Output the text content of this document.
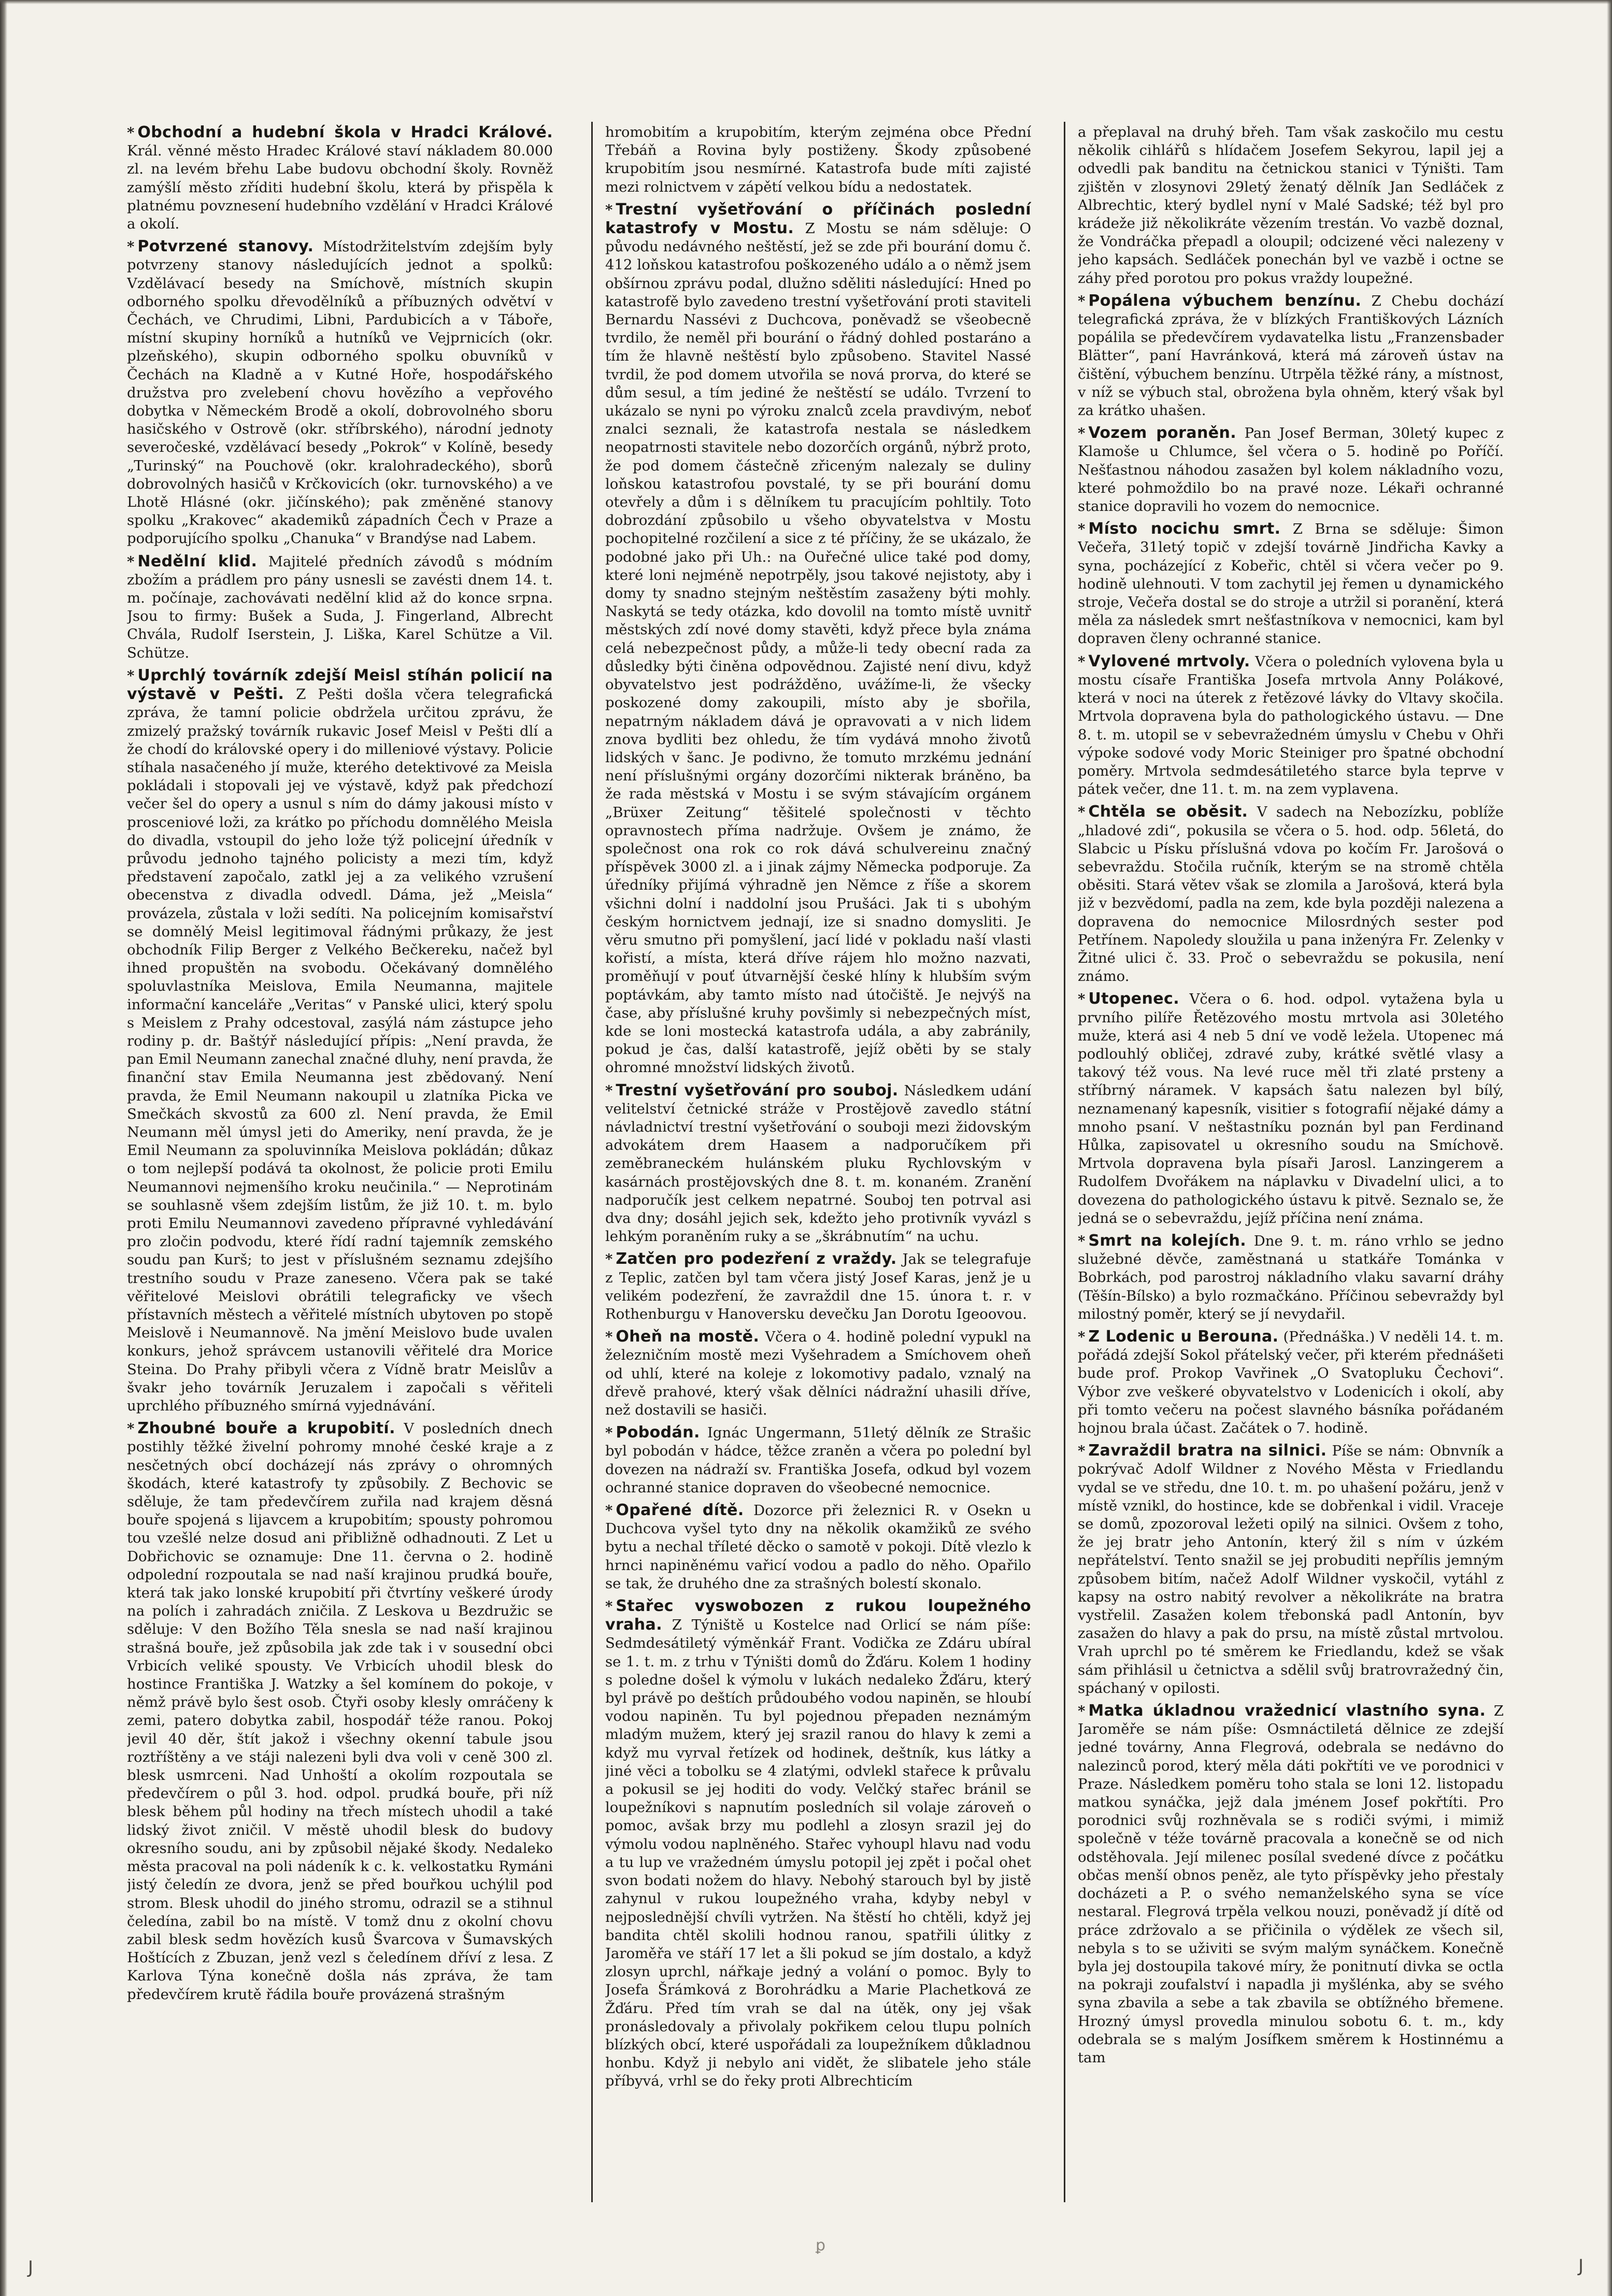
* Obchodní a hudební škola v Hradci Králové. Král. věnné město Hradec Králové staví nákladem 80.000 zl. na levém břehu Labe budovu obchodní školy. Rovněž zamýšlí město zříditi hudební školu, která by přispěla k platnému povznesení hudebního vzdělání v Hradci Králové a okolí.

* Potvrzené stanovy. Místodržitelstvím zdejším byly potvrzeny stanovy následujících jednot a spolků: Vzdělávací besedy na Smíchově, místních skupin odborného spolku dřevodělníků a příbuzných odvětví v Čechách, ve Chrudimi, Libni, Pardubicích a v Táboře, místní skupiny horníků a hutníků ve Vejprnicích (okr. plzeňského), skupin odborného spolku obuvníků v Čechách na Kladně a v Kutné Hoře, hospodářského družstva pro zvelebení chovu hovězího a vepřového dobytka v Německém Brodě a okolí, dobrovolného sboru hasičského v Ostrově (okr. stříbrského), národní jednoty severočeské, vzdělávací besedy „Pokrok“ v Kolíně, besedy „Turinský“ na Pouchově (okr. kralohradeckého), sborů dobrovolných hasičů v Krčkovicích (okr. turnovského) a ve Lhotě Hlásné (okr. jičínského); pak změněné stanovy spolku „Krakovec“ akademiků západních Čech v Praze a podporujícího spolku „Chanuka“ v Brandýse nad Labem.

* Nedělní klid. Majitelé předních závodů s módním zbožím a prádlem pro pány usnesli se zavésti dnem 14. t. m. počínaje, zachovávati nedělní klid až do konce srpna. Jsou to firmy: Bušek a Suda, J. Fingerland, Albrecht Chvála, Rudolf Iserstein, J. Liška, Karel Schütze a Vil. Schütze.

* Uprchlý továrník zdejší Meisl stíhán policií na výstavě v Pešti. Z Pešti došla včera telegrafická zpráva, že tamní policie obdržela určitou zprávu, že zmizelý pražský továrník rukavic Josef Meisl v Pešti dlí a že chodí do královské opery i do milleniové výstavy. Policie stíhala nasačeného jí muže, kterého detektivové za Meisla pokládali i stopovali jej ve výstavě, když pak předchozí večer šel do opery a usnul s ním do dámy jakousi místo v prosceniové loži, za krátko po příchodu domnělého Meisla do divadla, vstoupil do jeho lože týž policejní úředník v průvodu jednoho tajného policisty a mezi tím, když představení započalo, zatkl jej a za velikého vzrušení obecenstva z divadla odvedl. Dáma, jež „Meisla“ provázela, zůstala v loži sedíti. Na policejním komisařství se domnělý Meisl legitimoval řádnými průkazy, že jest obchodník Filip Berger z Velkého Bečkereku, načež byl ihned propuštěn na svobodu. Očekávaný domnělého spoluvlastníka Meislova, Emila Neumanna, majitele informační kanceláře „Veritas“ v Panské ulici, který spolu s Meislem z Prahy odcestoval, zasýlá nám zástupce jeho rodiny p. dr. Baštýř následující přípis: „Není pravda, že pan Emil Neumann zanechal značné dluhy, není pravda, že finanční stav Emila Neumanna jest zbědovaný. Není pravda, že Emil Neumann nakoupil u zlatníka Picka ve Smečkách skvostů za 600 zl. Není pravda, že Emil Neumann měl úmysl jeti do Ameriky, není pravda, že je Emil Neumann za spoluvinníka Meislova pokládán; důkaz o tom nejlepší podává ta okolnost, že policie proti Emilu Neumannovi nejmenšího kroku neučinila.“ — Neprotinám se souhlasně všem zdejším listům, že již 10. t. m. bylo proti Emilu Neumannovi zavedeno přípravné vyhledávání pro zločin podvodu, které řídí radní tajemník zemského soudu pan Kurš; to jest v příslušném seznamu zdejšího trestního soudu v Praze zaneseno. Včera pak se také věřitelové Meislovi obrátili telegraficky ve všech přístavních městech a věřitelé místních ubytoven po stopě Meislově i Neumannově. Na jmění Meislovo bude uvalen konkurs, jehož správcem ustanovili věřitelé dra Morice Steina. Do Prahy přibyli včera z Vídně bratr Meislův a švakr jeho továrník Jeruzalem i započali s věřiteli uprchlého příbuzného smírná vyjednávání.

* Zhoubné bouře a krupobití. V posledních dnech postihly těžké živelní pohromy mnohé české kraje a z nesčetných obcí docházejí nás zprávy o ohromných škodách, které katastrofy ty způsobily. Z Bechovic se sděluje, že tam předevčírem zuřila nad krajem děsná bouře spojená s lijavcem a krupobitím; spousty pohromou tou vzešlé nelze dosud ani přibližně odhadnouti. Z Let u Dobřichovic se oznamuje: Dne 11. června o 2. hodině odpolední rozpoutala se nad naší krajinou prudká bouře, která tak jako lonské krupobití při čtvrtíny veškeré úrody na polích i zahradách zničila. Z Leskova u Bezdružic se sděluje: V den Božího Těla snesla se nad naší krajinou strašná bouře, jež způsobila jak zde tak i v sousední obci Vrbicích veliké spousty. Ve Vrbicích uhodil blesk do hostince Františka J. Watzky a šel komínem do pokoje, v němž právě bylo šest osob. Čtyři osoby klesly omráčeny k zemi, patero dobytka zabil, hospodář téže ranou. Pokoj jevil 40 děr, štít jakož i všechny okenní tabule jsou roztříštěny a ve stáji nalezeni byli dva voli v ceně 300 zl. blesk usmrceni. Nad Unhoští a okolím rozpoutala se předevčírem o půl 3. hod. odpol. prudká bouře, při níž blesk během půl hodiny na třech místech uhodil a také lidský život zničil. V městě uhodil blesk do budovy okresního soudu, ani by způsobil nějaké škody. Nedaleko města pracoval na poli nádeník k c. k. velkostatku Rymáni jistý čeledín ze dvora, jenž se před bouřkou uchýlil pod strom. Blesk uhodil do jiného stromu, odrazil se a stihnul čeledína, zabil bo na místě. V tomž dnu z okolní chovu zabil blesk sedm hovězích kusů Švarcova v Šumavských Hoštících z Zbuzan, jenž vezl s čeledínem dříví z lesa. Z Karlova Týna konečně došla nás zpráva, že tam předevčírem krutě řádila bouře provázená strašným

hromobitím a krupobitím, kterým zejména obce Přední Třebáň a Rovina byly postiženy. Škody způsobené krupobitím jsou nesmírné. Katastrofa bude míti zajisté mezi rolnictvem v zápětí velkou bídu a nedostatek.

* Trestní vyšetřování o příčinách poslední katastrofy v Mostu. Z Mostu se nám sděluje: O původu nedávného neštěstí, jež se zde při bourání domu č. 412 loňskou katastrofou poškozeného událo a o němž jsem obšírnou zprávu podal, dlužno sděliti následující: Hned po katastrofě bylo zavedeno trestní vyšetřování proti staviteli Bernardu Nassévi z Duchcova, poněvadž se všeobecně tvrdilo, že neměl při bourání o řádný dohled postaráno a tím že hlavně neštěstí bylo způsobeno. Stavitel Nassé tvrdil, že pod domem utvořila se nová prorva, do které se dům sesul, a tím jediné že neštěstí se událo. Tvrzení to ukázalo se nyni po výroku znalců zcela pravdivým, neboť znalci seznali, že katastrofa nestala se následkem neopatrnosti stavitele nebo dozorčích orgánů, nýbrž proto, že pod domem částečně zřiceným nalezaly se duliny loňskou katastrofou povstalé, ty se při bourání domu otevřely a dům i s dělníkem tu pracujícím pohltily. Toto dobrozdání způsobilo u všeho obyvatelstva v Mostu pochopitelné rozčilení a sice z té příčiny, že se ukázalo, že podobné jako při Uh.: na Ouřečné ulice také pod domy, které loni nejméně nepotrpěly, jsou takové nejistoty, aby i domy ty snadno stejným neštěstím zasaženy býti mohly. Naskytá se tedy otázka, kdo dovolil na tomto místě uvnitř městských zdí nové domy stavěti, když přece byla známa celá nebezpečnost půdy, a může-li tedy obecní rada za důsledky býti činěna odpovědnou. Zajisté není divu, když obyvatelstvo jest podrážděno, uvážíme-li, že všecky poskozené domy zakoupili, místo aby je sbořila, nepatrným nákladem dává je opravovati a v nich lidem znova bydliti bez ohledu, že tím vydává mnoho životů lidských v šanc. Je podivno, že tomuto mrzkému jednání není příslušnými orgány dozorčími nikterak bráněno, ba že rada městská v Mostu i se svým stávajícím orgánem „Brüxer Zeitung“ těšitelé společnosti v těchto opravnostech příma nadržuje. Ovšem je známo, že společnost ona rok co rok dává schulvereinu značný příspěvek 3000 zl. a i jinak zájmy Německa podporuje. Za úředníky přijímá výhradně jen Němce z říše a skorem všichni dolní i naddolní jsou Prušáci. Jak ti s ubohým českým hornictvem jednají, ize si snadno domysliti. Je věru smutno při pomyšlení, jací lidé v pokladu naší vlasti kořistí, a místa, která dříve rájem hlo možno nazvati, proměňují v pouť útvarnější české hlíny k hlubším svým poptávkám, aby tamto místo nad útočiště. Je nejvýš na čase, aby příslušné kruhy povšimly si nebezpečných míst, kde se loni mostecká katastrofa udála, a aby zabránily, pokud je čas, další katastrofě, jejíž oběti by se staly ohromné množství lidských životů.

* Trestní vyšetřování pro souboj. Následkem udání velitelství četnické stráže v Prostějově zavedlo státní návladnictví trestní vyšetřování o souboji mezi židovským advokátem drem Haasem a nadporučíkem při zeměbraneckém hulánském pluku Rychlovským v kasárnách prostějovských dne 8. t. m. konaném. Zranění nadporučík jest celkem nepatrné. Souboj ten potrval asi dva dny; dosáhl jejich sek, kdežto jeho protivník vyvázl s lehkým poraněním ruky a se „škrábnutím“ na uchu.

* Zatčen pro podezření z vraždy. Jak se telegrafuje z Teplic, zatčen byl tam včera jistý Josef Karas, jenž je u velikém podezření, že zavraždil dne 15. února t. r. v Rothenburgu v Hanoversku devečku Jan Dorotu Igeoovou.

* Oheň na mostě. Včera o 4. hodině polední vypukl na železničním mostě mezi Vyšehradem a Smíchovem oheň od uhlí, které na koleje z lokomotivy padalo, vznalý na dřevě prahové, který však dělníci nádražní uhasili dříve, než dostavili se hasiči.

* Pobodán. Ignác Ungermann, 51letý dělník ze Strašic byl pobodán v hádce, těžce zraněn a včera po polední byl dovezen na nádraží sv. Františka Josefa, odkud byl vozem ochranné stanice dopraven do všeobecné nemocnice.

* Opařené dítě. Dozorce při železnici R. v Osekn u Duchcova vyšel tyto dny na několik okamžiků ze svého bytu a nechal tříleté děcko o samotě v pokoji. Dítě vlezlo k hrnci napiněnému vařicí vodou a padlo do něho. Opařilo se tak, že druhého dne za strašných bolestí skonalo.

* Stařec vyswobozen z rukou loupežného vraha. Z Týniště u Kostelce nad Orlicí se nám píše: Sedmdesátiletý výměnkář Frant. Vodička ze Zdáru ubíral se 1. t. m. z trhu v Týništi domů do Žďáru. Kolem 1 hodiny s poledne došel k výmolu v lukách nedaleko Žďáru, který byl právě po deštích průdoubého vodou napiněn, se hloubí vodou napiněn. Tu byl pojednou přepaden neznámým mladým mužem, který jej srazil ranou do hlavy k zemi a když mu vyrval řetízek od hodinek, deštník, kus látky a jiné věci a tobolku se 4 zlatými, odvlekl stařece k průvalu a pokusil se jej hoditi do vody. Velčký stařec bránil se loupežníkovi s napnutím posledních sil volaje zároveň o pomoc, avšak brzy mu podlehl a zlosyn srazil jej do výmolu vodou naplněného. Stařec vyhoupl hlavu nad vodu a tu lup ve vražedném úmyslu potopil jej zpět i počal ohet svon bodati nožem do hlavy. Nebohý starouch byl by jistě zahynul v rukou loupežného vraha, kdyby nebyl v nejposlednější chvíli vytržen. Na štěstí ho chtěli, když jej bandita chtěl skolili hodnou ranou, spatřili úlitky z Jaroměřa ve stáří 17 let a šli pokud se jím dostalo, a když zlosyn uprchl, nářkaje jedný a volání o pomoc. Byly to Josefa Šrámková z Borohrádku a Marie Plachetková ze Žďáru. Před tím vrah se dal na útěk, ony jej však pronásledovaly a přivolaly pokřikem celou tlupu polních blízkých obcí, které uspořádali za loupežníkem důkladnou honbu. Když ji nebylo ani vidět, že slibatele jeho stále příbyvá, vrhl se do řeky proti Albrechticím

a přeplaval na druhý břeh. Tam však zaskočilo mu cestu několik cihlářů s hlídačem Josefem Sekyrou, lapil jej a odvedli pak banditu na četnickou stanici v Týništi. Tam zjištěn v zlosynovi 29letý ženatý dělník Jan Sedláček z Albrechtic, který bydlel nyní v Malé Sadské; též byl pro krádeže již několikráte vězením trestán. Vo vazbě doznal, že Vondráčka přepadl a oloupil; odcizené věci nalezeny v jeho kapsách. Sedláček ponechán byl ve vazbě i octne se záhy před porotou pro pokus vraždy loupežné.

* Popálena výbuchem benzínu. Z Chebu dochází telegrafická zpráva, že v blízkých Františkových Lázních popálila se předevčírem vydavatelka listu „Franzensbader Blätter“, paní Havránková, která má zároveň ústav na čištění, výbuchem benzínu. Utrpěla těžké rány, a místnost, v níž se výbuch stal, obrožena byla ohněm, který však byl za krátko uhašen.

* Vozem poraněn. Pan Josef Berman, 30letý kupec z Klamoše u Chlumce, šel včera o 5. hodině po Poříčí. Nešťastnou náhodou zasažen byl kolem nákladního vozu, které pohmoždilo bo na pravé noze. Lékaři ochranné stanice dopravili ho vozem do nemocnice.

* Místo nocichu smrt. Z Brna se sděluje: Šimon Večeřa, 31letý topič v zdejší továrně Jindřicha Kavky a syna, pocházející z Kobeřic, chtěl si včera večer po 9. hodině ulehnouti. V tom zachytil jej řemen u dynamického stroje, Večeřa dostal se do stroje a utržil si poranění, která měla za následek smrt nešťastníkova v nemocnici, kam byl dopraven členy ochranné stanice.

* Vylovené mrtvoly. Včera o poledních vylovena byla u mostu císaře Františka Josefa mrtvola Anny Polákové, která v noci na úterek z řetězové lávky do Vltavy skočila. Mrtvola dopravena byla do pathologického ústavu. — Dne 8. t. m. utopil se v sebevražedném úmyslu v Chebu v Ohři výpoke sodové vody Moric Steiniger pro špatné obchodní poměry. Mrtvola sedmdesátiletého starce byla teprve v pátek večer, dne 11. t. m. na zem vyplavena.

* Chtěla se oběsit. V sadech na Nebozízku, poblíže „hladové zdi“, pokusila se včera o 5. hod. odp. 56letá, do Slabcic u Písku příslušná vdova po kočím Fr. Jarošová o sebevraždu. Stočila ručník, kterým se na stromě chtěla oběsiti. Stará větev však se zlomila a Jarošová, která byla již v bezvědomí, padla na zem, kde byla později nalezena a dopravena do nemocnice Milosrdných sester pod Petřínem. Napoledy sloužila u pana inženýra Fr. Zelenky v Žitné ulici č. 33. Proč o sebevraždu se pokusila, není známo.

* Utopenec. Včera o 6. hod. odpol. vytažena byla u prvního pilíře Řetězového mostu mrtvola asi 30letého muže, která asi 4 neb 5 dní ve vodě ležela. Utopenec má podlouhlý obličej, zdravé zuby, krátké světlé vlasy a takový též vous. Na levé ruce měl tři zlaté prsteny a stříbrný náramek. V kapsách šatu nalezen byl bílý, neznamenaný kapesník, visitier s fotografií nějaké dámy a mnoho psaní. V neštastníku poznán byl pan Ferdinand Hůlka, zapisovatel u okresního soudu na Smíchově. Mrtvola dopravena byla písaři Jarosl. Lanzingerem a Rudolfem Dvořákem na náplavku v Divadelní ulici, a to dovezena do pathologického ústavu k pitvě. Seznalo se, že jedná se o sebevraždu, jejíž příčina není známa.

* Smrt na kolejích. Dne 9. t. m. ráno vrhlo se jedno služebné děvče, zaměstnaná u statkáře Tománka v Bobrkách, pod parostroj nákladního vlaku savarní dráhy (Těšín-Bílsko) a bylo rozmačkáno. Příčinou sebevraždy byl milostný poměr, který se jí nevydařil.

* Z Lodenic u Berouna. (Přednáška.) V neděli 14. t. m. pořádá zdejší Sokol přátelský večer, při kterém přednášeti bude prof. Prokop Vavřinek „O Svatopluku Čechovi“. Výbor zve veškeré obyvatelstvo v Lodenicích i okolí, aby při tomto večeru na počest slavného básníka pořádaném hojnou brala účast. Začátek o 7. hodině.

* Zavraždil bratra na silnici. Píše se nám: Obnvník a pokrývač Adolf Wildner z Nového Města v Friedlandu vydal se ve středu, dne 10. t. m. po uhašení požáru, jenž v místě vznikl, do hostince, kde se dobřenkal i vidil. Vraceje se domů, zpozoroval ležeti opilý na silnici. Ovšem z toho, že jej bratr jeho Antonín, který žil s ním v úzkém nepřátelství. Tento snažil se jej probuditi nepřílis jemným způsobem bitím, načež Adolf Wildner vyskočil, vytáhl z kapsy na ostro nabitý revolver a několikráte na bratra vystřelil. Zasažen kolem třebonská padl Antonín, byv zasažen do hlavy a pak do prsu, na místě zůstal mrtvolou. Vrah uprchl po té směrem ke Friedlandu, kdež se však sám přihlásil u četnictva a sdělil svůj bratrovražedný čin, spáchaný v opilosti.

* Matka úkladnou vražednicí vlastního syna. Z Jaroměře se nám píše: Osmnáctiletá dělnice ze zdejší jedné továrny, Anna Flegrová, odebrala se nedávno do nalezinců porod, který měla dáti pokřtíti ve ve porodnici v Praze. Následkem poměru toho stala se loni 12. listopadu matkou synáčka, jejž dala jménem Josef pokřtíti. Pro porodnici svůj rozhněvala se s rodiči svými, i mimiž společně v téže továrně pracovala a konečně se od nich odstěhovala. Její milenec posílal svedené dívce z počátku občas menší obnos peněz, ale tyto příspěvky jeho přestaly docházeti a P. o svého nemanželského syna se více nestaral. Flegrová trpěla velkou nouzi, poněvadž jí dítě od práce zdržovalo a se přičinila o výdělek ze všech sil, nebyla s to se uživiti se svým malým synáčkem. Konečně byla jej dostoupila takové míry, že ponitnutí divka se octla na pokraji zoufalství i napadla ji myšlénka, aby se svého syna zbavila a sebe a tak zbavila se obtížného břemene. Hrozný úmysl provedla minulou sobotu 6. t. m., kdy odebrala se s malým Josífkem směrem k Hostinnému a tam

J
ꝑ
J
